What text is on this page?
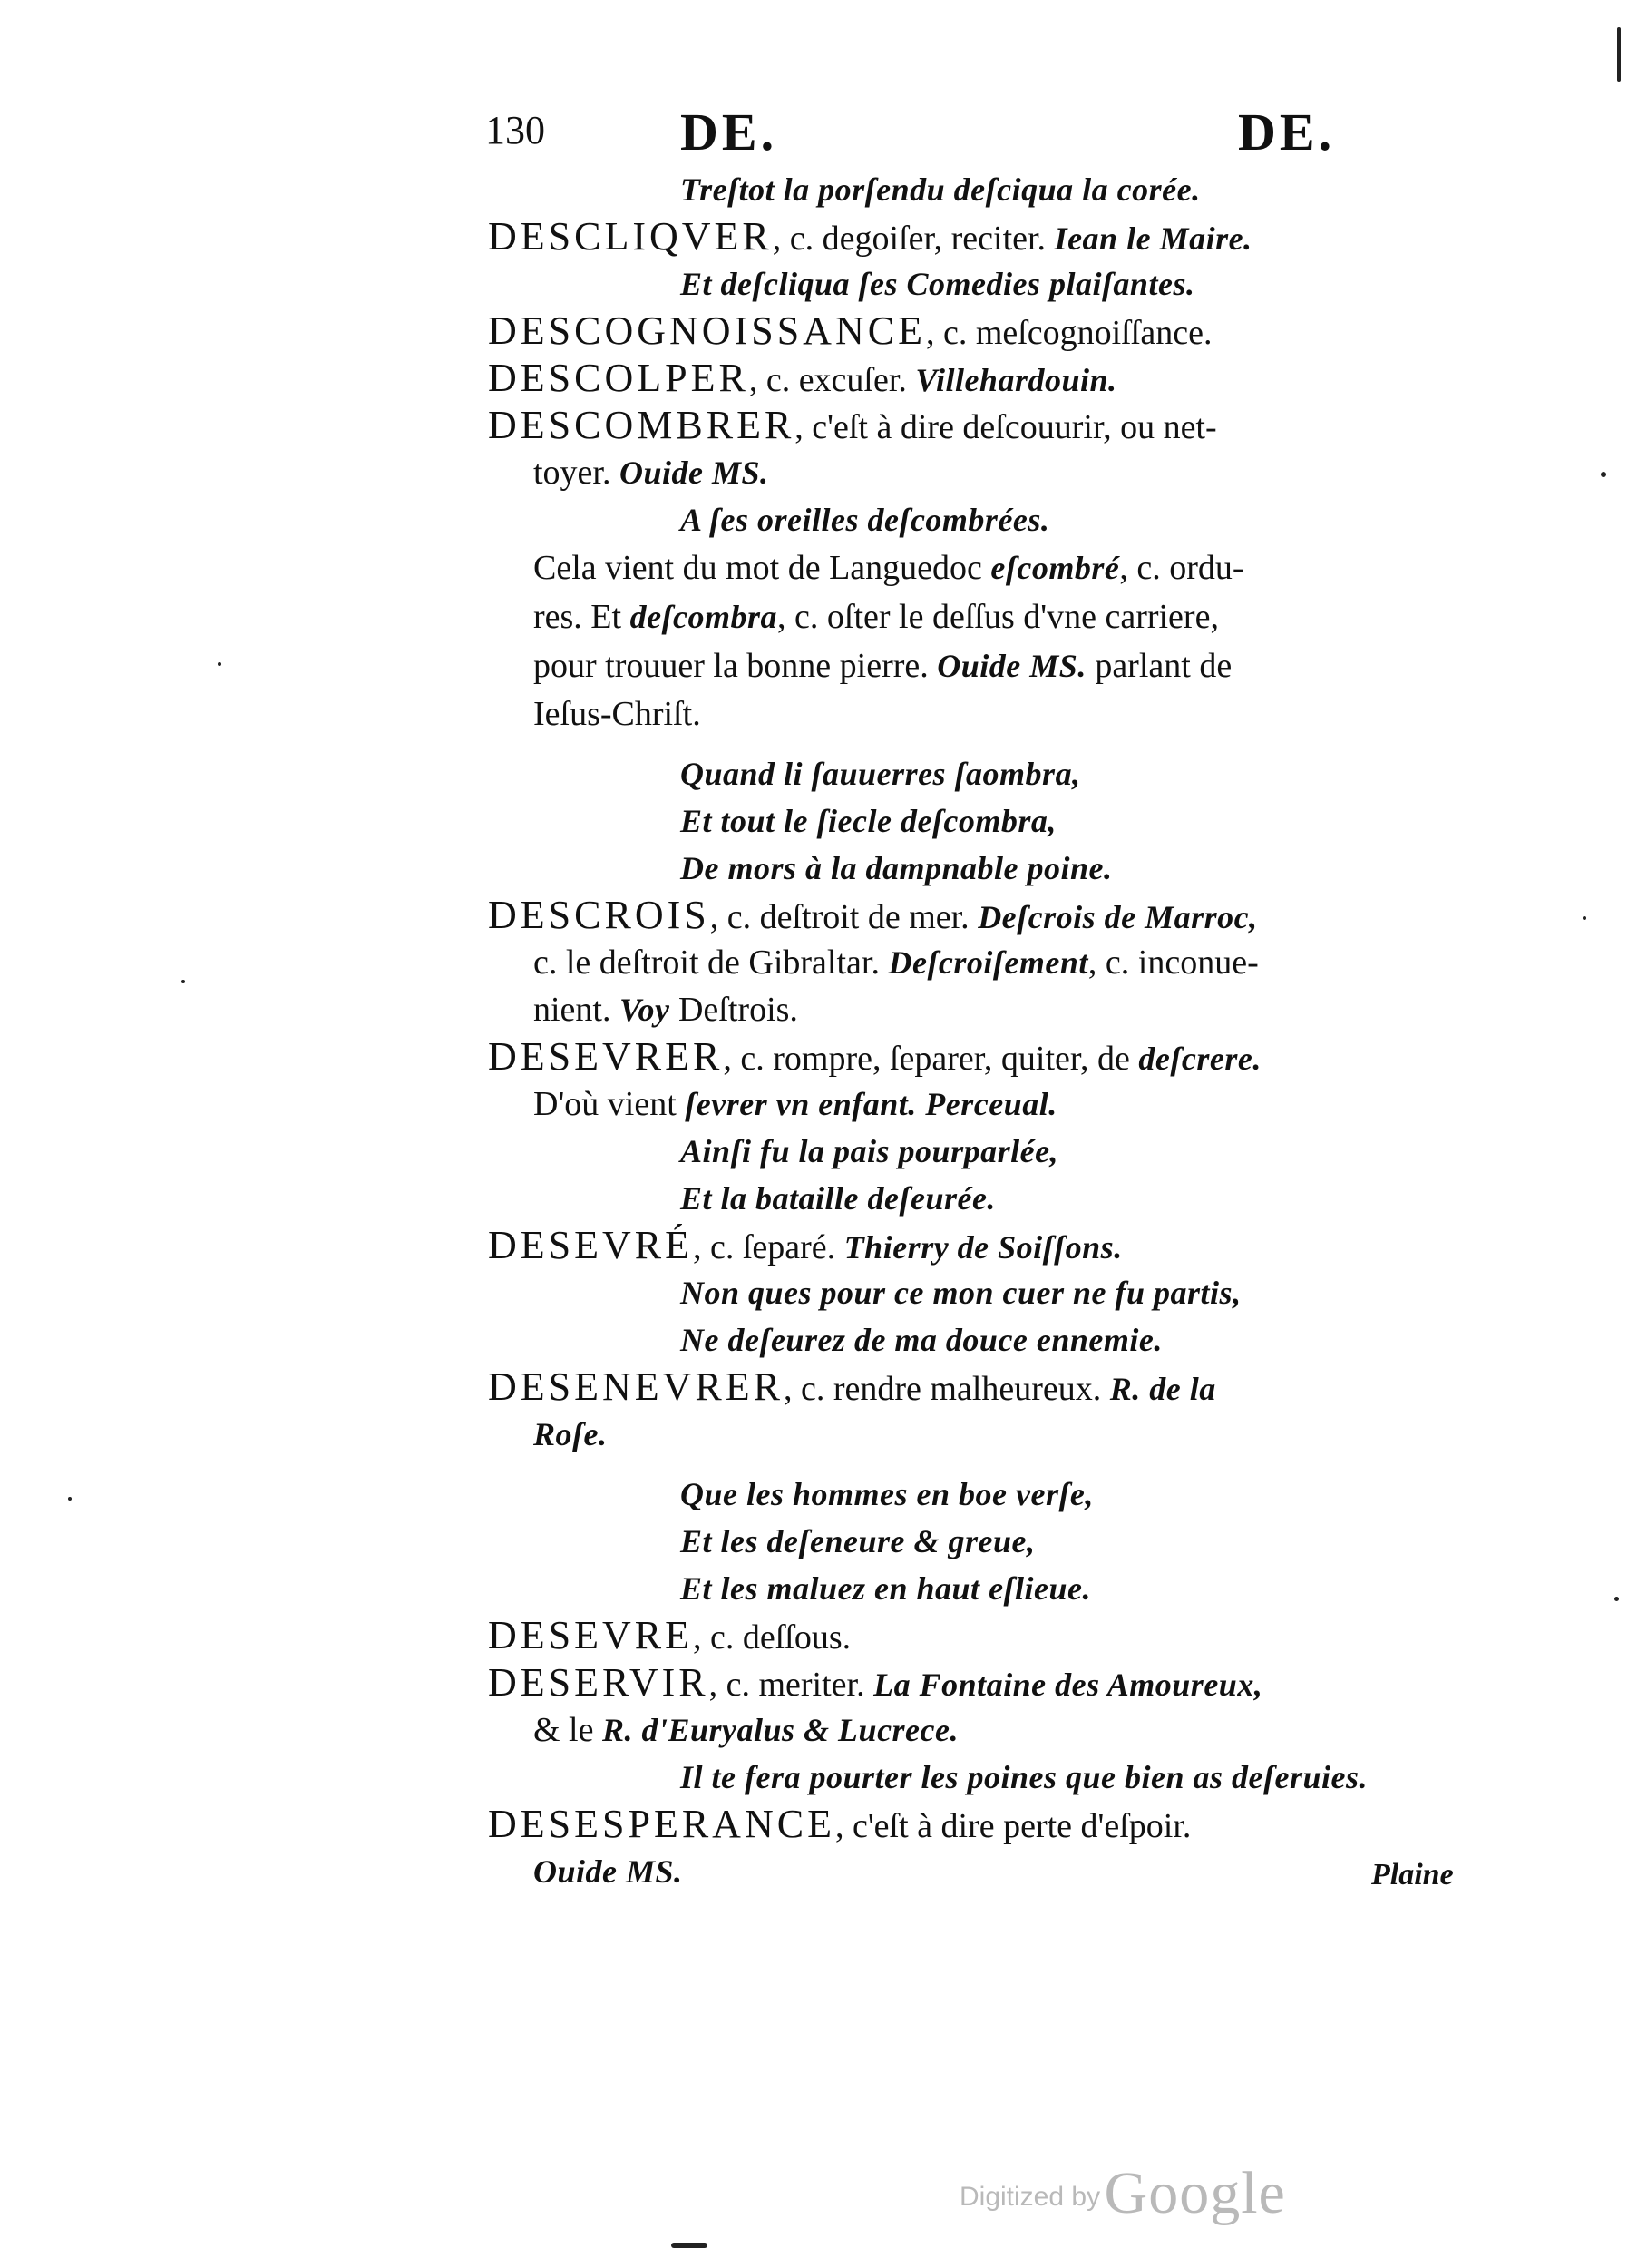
130	DE.	DE.
Treſtot la porſendu deſciqua la corée.
DESCLIQVER, c. degoiſer, reciter. Iean le Maire.
Et deſcliqua ſes Comedies plaiſantes.
DESCOGNOISSANCE, c. meſcognoiſſance.
DESCOLPER, c. excuſer. Villehardouin.
DESCOMBRER, c'eſt à dire deſcouurir, ou net-
toyer. Ouide MS.
A ſes oreilles deſcombrées.
Cela vient du mot de Languedoc eſcombré, c. ordu-
res. Et deſcombra, c. oſter le deſſus d'vne carriere,
pour trouuer la bonne pierre. Ouide MS. parlant de
Ieſus-Chriſt.
Quand li ſauuerres ſaombra,
Et tout le ſiecle deſcombra,
De mors à la dampnable poine.
DESCROIS, c. deſtroit de mer. Deſcrois de Marroc,
c. le deſtroit de Gibraltar. Deſcroiſement, c. inconue-
nient. Voy Deſtrois.
DESEVRER, c. rompre, ſeparer, quiter, de deſcrere.
D'où vient ſevrer vn enfant. Perceual.
Ainſi fu la pais pourparlée,
Et la bataille deſeurée.
DESEVRÉ, c. ſeparé. Thierry de Soiſſons.
Non ques pour ce mon cuer ne fu partis,
Ne deſeurez de ma douce ennemie.
DESENEVRER, c. rendre malheureux. R. de la
Roſe.
Que les hommes en boe verſe,
Et les deſeneure & greue,
Et les maluez en haut eſlieue.
DESEVRE, c. deſſous.
DESERVIR, c. meriter. La Fontaine des Amoureux,
& le R. d'Euryalus & Lucrece.
Il te fera pourter les poines que bien as deſeruies.
DESESPERANCE, c'eſt à dire perte d'eſpoir.
Ouide MS.	Plaine
Digitized by Google
